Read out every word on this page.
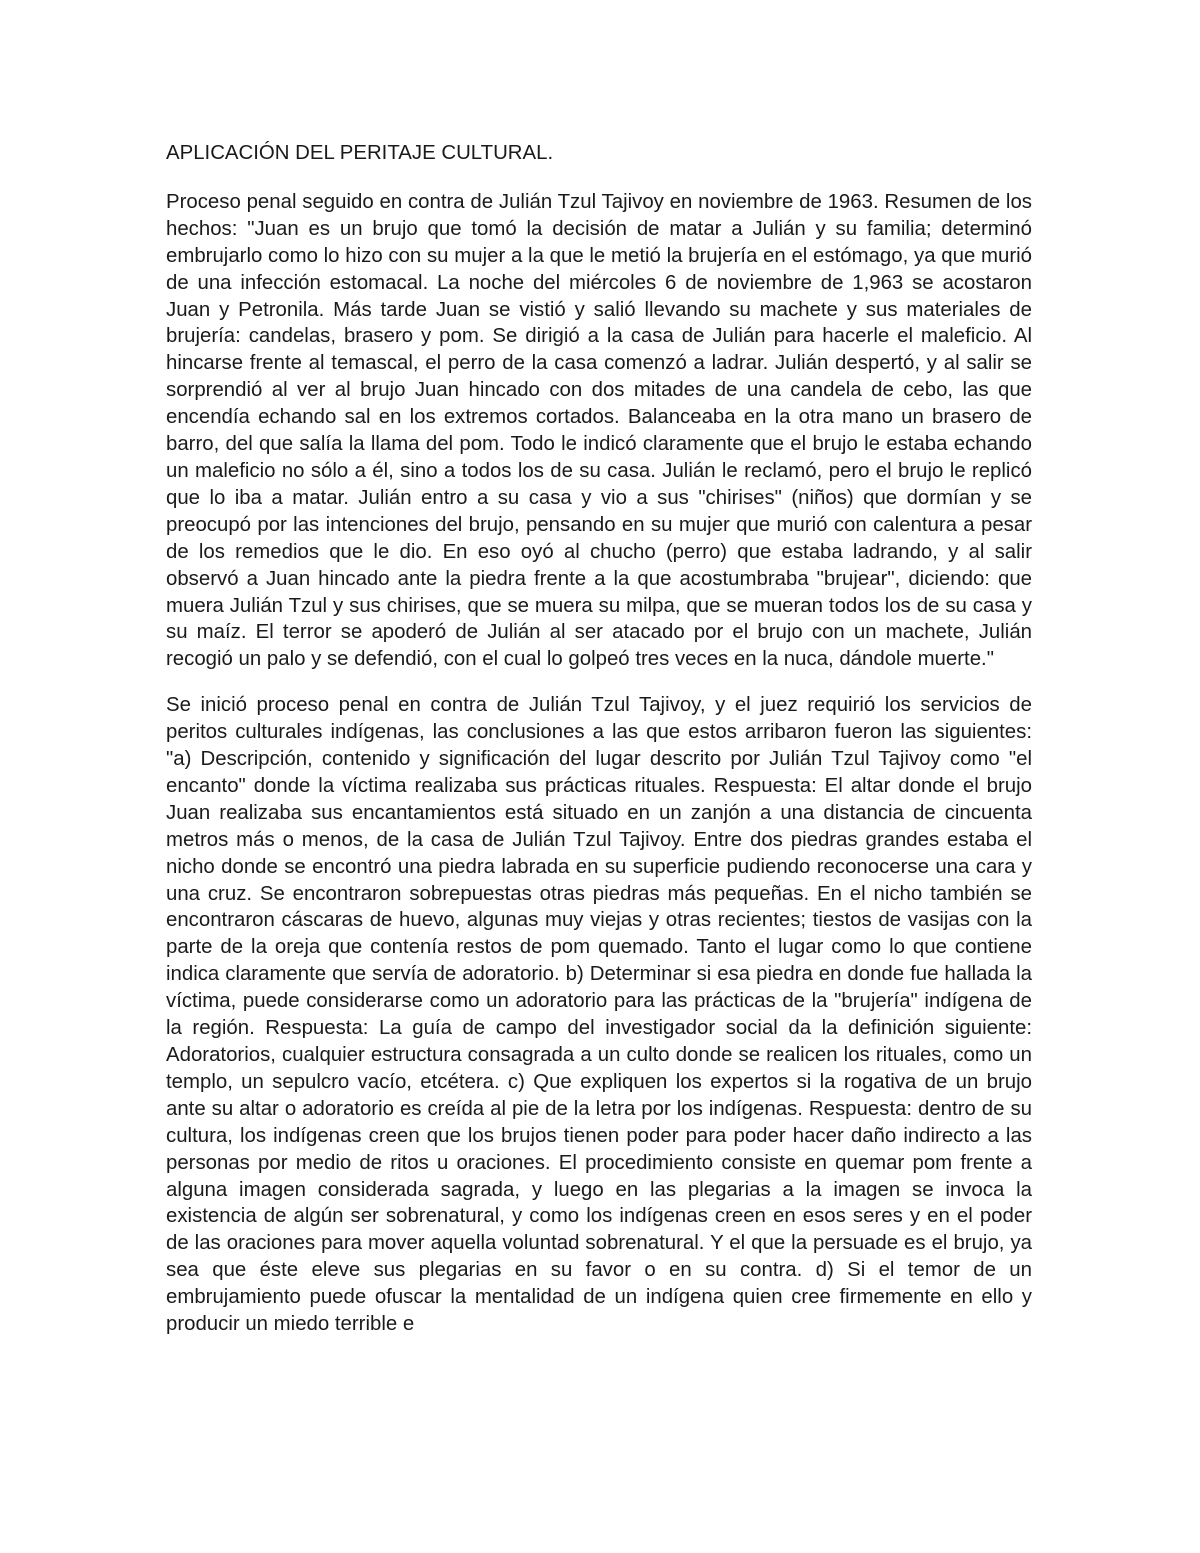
APLICACIÓN DEL PERITAJE CULTURAL.

Proceso penal seguido en contra de Julián Tzul Tajivoy en noviembre de 1963. Resumen de los hechos: "Juan es un brujo que tomó la decisión de matar a Julián y su familia; determinó embrujarlo como lo hizo con su mujer a la que le metió la brujería en el estómago, ya que murió de una infección estomacal. La noche del miércoles 6 de noviembre de 1,963 se acostaron Juan y Petronila. Más tarde Juan se vistió y salió llevando su machete y sus materiales de brujería: candelas, brasero y pom. Se dirigió a la casa de Julián para hacerle el maleficio. Al hincarse frente al temascal, el perro de la casa comenzó a ladrar. Julián despertó, y al salir se sorprendió al ver al brujo Juan hincado con dos mitades de una candela de cebo, las que encendía echando sal en los extremos cortados. Balanceaba en la otra mano un brasero de barro, del que salía la llama del pom. Todo le indicó claramente que el brujo le estaba echando un maleficio no sólo a él, sino a todos los de su casa. Julián le reclamó, pero el brujo le replicó que lo iba a matar. Julián entro a su casa y vio a sus "chirises" (niños) que dormían y se preocupó por las intenciones del brujo, pensando en su mujer que murió con calentura a pesar de los remedios que le dio. En eso oyó al chucho (perro) que estaba ladrando, y al salir observó a Juan hincado ante la piedra frente a la que acostumbraba "brujear", diciendo: que muera Julián Tzul y sus chirises, que se muera su milpa, que se mueran todos los de su casa y su maíz. El terror se apoderó de Julián al ser atacado por el brujo con un machete, Julián recogió un palo y se defendió, con el cual lo golpeó tres veces en la nuca, dándole muerte."

Se inició proceso penal en contra de Julián Tzul Tajivoy, y el juez requirió los servicios de peritos culturales indígenas, las conclusiones a las que estos arribaron fueron las siguientes: "a) Descripción, contenido y significación del lugar descrito por Julián Tzul Tajivoy como "el encanto" donde la víctima realizaba sus prácticas rituales. Respuesta: El altar donde el brujo Juan realizaba sus encantamientos está situado en un zanjón a una distancia de cincuenta metros más o menos, de la casa de Julián Tzul Tajivoy. Entre dos piedras grandes estaba el nicho donde se encontró una piedra labrada en su superficie pudiendo reconocerse una cara y una cruz. Se encontraron sobrepuestas otras piedras más pequeñas. En el nicho también se encontraron cáscaras de huevo, algunas muy viejas y otras recientes; tiestos de vasijas con la parte de la oreja que contenía restos de pom quemado. Tanto el lugar como lo que contiene indica claramente que servía de adoratorio. b) Determinar si esa piedra en donde fue hallada la víctima, puede considerarse como un adoratorio para las prácticas de la "brujería" indígena de la región. Respuesta: La guía de campo del investigador social da la definición siguiente: Adoratorios, cualquier estructura consagrada a un culto donde se realicen los rituales, como un templo, un sepulcro vacío, etcétera. c) Que expliquen los expertos si la rogativa de un brujo ante su altar o adoratorio es creída al pie de la letra por los indígenas. Respuesta: dentro de su cultura, los indígenas creen que los brujos tienen poder para poder hacer daño indirecto a las personas por medio de ritos u oraciones. El procedimiento consiste en quemar pom frente a alguna imagen considerada sagrada, y luego en las plegarias a la imagen se invoca la existencia de algún ser sobrenatural, y como los indígenas creen en esos seres y en el poder de las oraciones para mover aquella voluntad sobrenatural. Y el que la persuade es el brujo, ya sea que éste eleve sus plegarias en su favor o en su contra. d) Si el temor de un embrujamiento puede ofuscar la mentalidad de un indígena quien cree firmemente en ello y producir un miedo terrible e
